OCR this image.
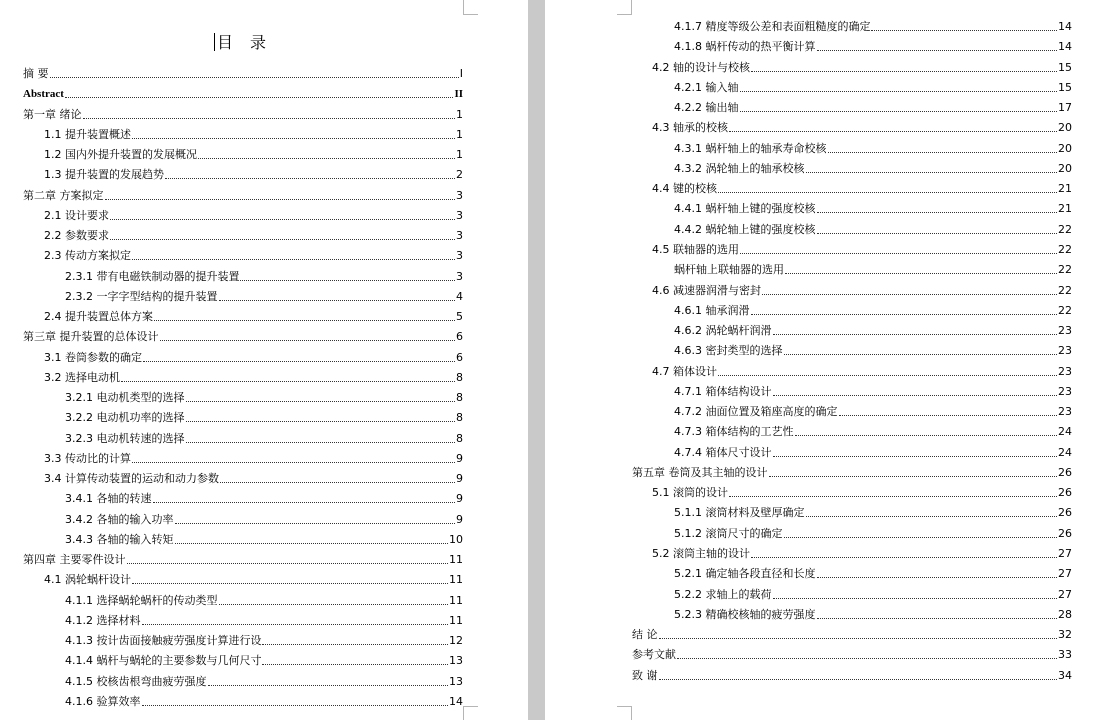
目 录
摘 要	I
Abstract	II
第一章 绪论	1
1.1 提升装置概述	1
1.2 国内外提升装置的发展概况	1
1.3 提升装置的发展趋势	2
第二章 方案拟定	3
2.1 设计要求	3
2.2 参数要求	3
2.3 传动方案拟定	3
2.3.1 带有电磁铁制动器的提升装置	3
2.3.2 一字字型结构的提升装置	4
2.4 提升装置总体方案	5
第三章 提升装置的总体设计	6
3.1 卷筒参数的确定	6
3.2 选择电动机	8
3.2.1 电动机类型的选择	8
3.2.2 电动机功率的选择	8
3.2.3 电动机转速的选择	8
3.3 传动比的计算	9
3.4 计算传动装置的运动和动力参数	9
3.4.1 各轴的转速	9
3.4.2 各轴的输入功率	9
3.4.3 各轴的输入转矩	10
第四章 主要零件设计	11
4.1 涡轮蜗杆设计	11
4.1.1 选择蜗轮蜗杆的传动类型	11
4.1.2 选择材料	11
4.1.3 按计齿面接触疲劳强度计算进行设	12
4.1.4 蜗杆与蜗轮的主要参数与几何尺寸	13
4.1.5 校核齿根弯曲疲劳强度	13
4.1.6 验算效率	14
4.1.7 精度等级公差和表面粗糙度的确定	14
4.1.8 蜗杆传动的热平衡计算	14
4.2 轴的设计与校核	15
4.2.1 输入轴	15
4.2.2 输出轴	17
4.3 轴承的校核	20
4.3.1 蜗杆轴上的轴承寿命校核	20
4.3.2 涡轮轴上的轴承校核	20
4.4 键的校核	21
4.4.1 蜗杆轴上键的强度校核	21
4.4.2 蜗轮轴上键的强度校核	22
4.5 联轴器的选用	22
蜗杆轴上联轴器的选用	22
4.6 减速器润滑与密封	22
4.6.1 轴承润滑	22
4.6.2 涡轮蜗杆润滑	23
4.6.3 密封类型的选择	23
4.7 箱体设计	23
4.7.1 箱体结构设计	23
4.7.2 油面位置及箱座高度的确定	23
4.7.3 箱体结构的工艺性	24
4.7.4 箱体尺寸设计	24
第五章 卷筒及其主轴的设计	26
5.1 滚筒的设计	26
5.1.1 滚筒材料及壁厚确定	26
5.1.2 滚筒尺寸的确定	26
5.2 滚筒主轴的设计	27
5.2.1 确定轴各段直径和长度	27
5.2.2 求轴上的载荷	27
5.2.3 精确校核轴的疲劳强度	28
结 论	32
参考文献	33
致 谢	34
